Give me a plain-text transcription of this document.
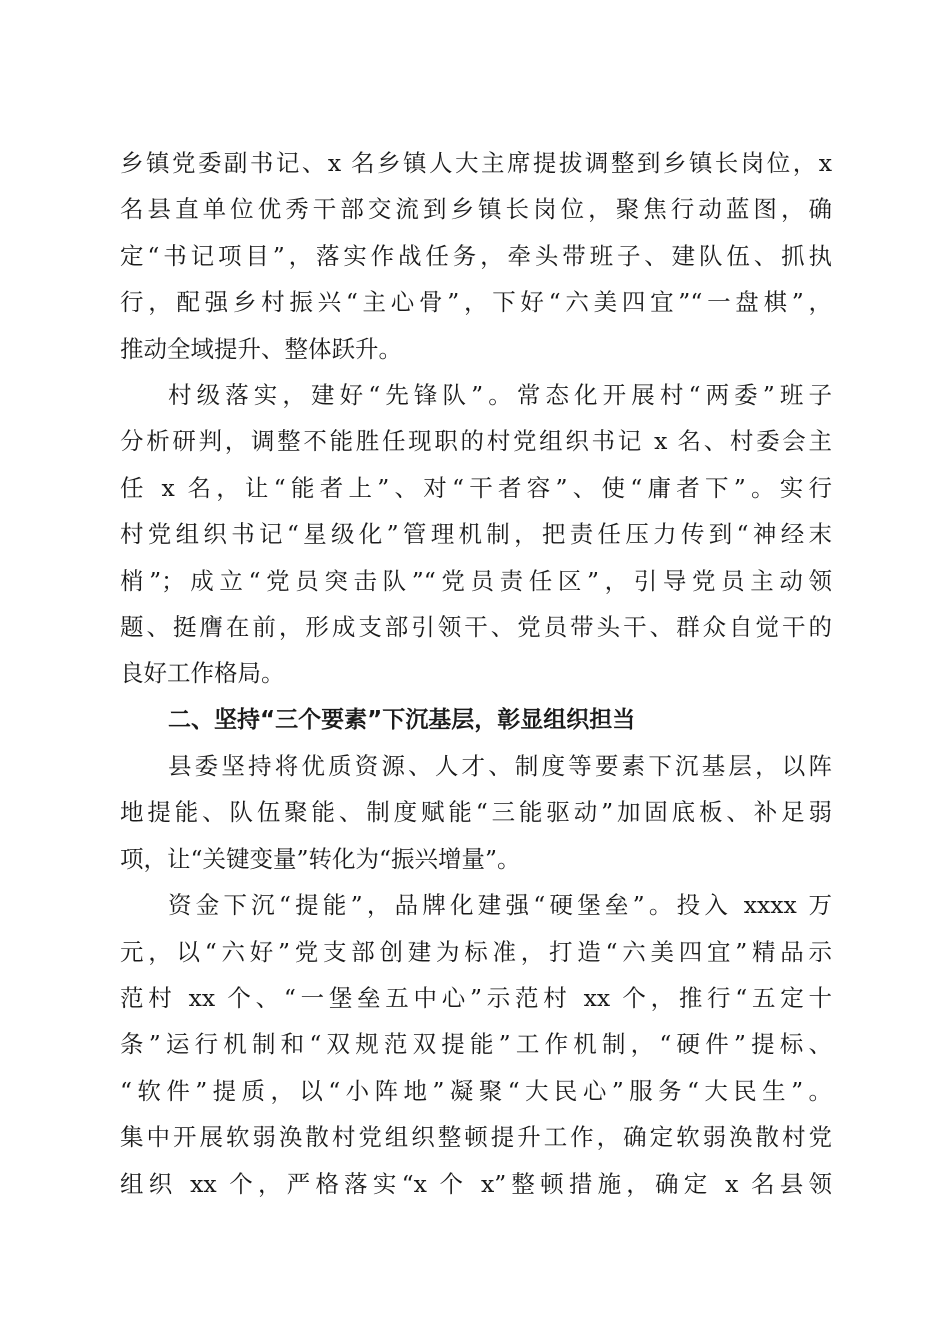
乡镇党委副书记、x 名乡镇人大主席提拔调整到乡镇长岗位，x
名县直单位优秀干部交流到乡镇长岗位，聚焦行动蓝图，确
定“书记项目”，落实作战任务，牵头带班子、建队伍、抓执
行，配强乡村振兴“主心骨”，下好“六美四宜”“一盘棋”，
推动全域提升、整体跃升。
村级落实，建好“先锋队”。常态化开展村“两委”班子
分析研判，调整不能胜任现职的村党组织书记 x 名、村委会主
任 x 名，让“能者上”、对“干者容”、使“庸者下”。实行
村党组织书记“星级化”管理机制，把责任压力传到“神经末
梢”；成立“党员突击队”“党员责任区”，引导党员主动领
题、挺膺在前，形成支部引领干、党员带头干、群众自觉干的
良好工作格局。
二、坚持“三个要素”下沉基层，彰显组织担当
县委坚持将优质资源、人才、制度等要素下沉基层，以阵
地提能、队伍聚能、制度赋能“三能驱动”加固底板、补足弱
项，让“关键变量”转化为“振兴增量”。
资金下沉“提能”，品牌化建强“硬堡垒”。投入 xxxx 万
元，以“六好”党支部创建为标准，打造“六美四宜”精品示
范村 xx 个、“一堡垒五中心”示范村 xx 个，推行“五定十
条”运行机制和“双规范双提能”工作机制，“硬件”提标、
“软件”提质，以“小阵地”凝聚“大民心”服务“大民生”。
集中开展软弱涣散村党组织整顿提升工作，确定软弱涣散村党
组织 xx 个，严格落实“x 个 x”整顿措施，确定 x 名县领
